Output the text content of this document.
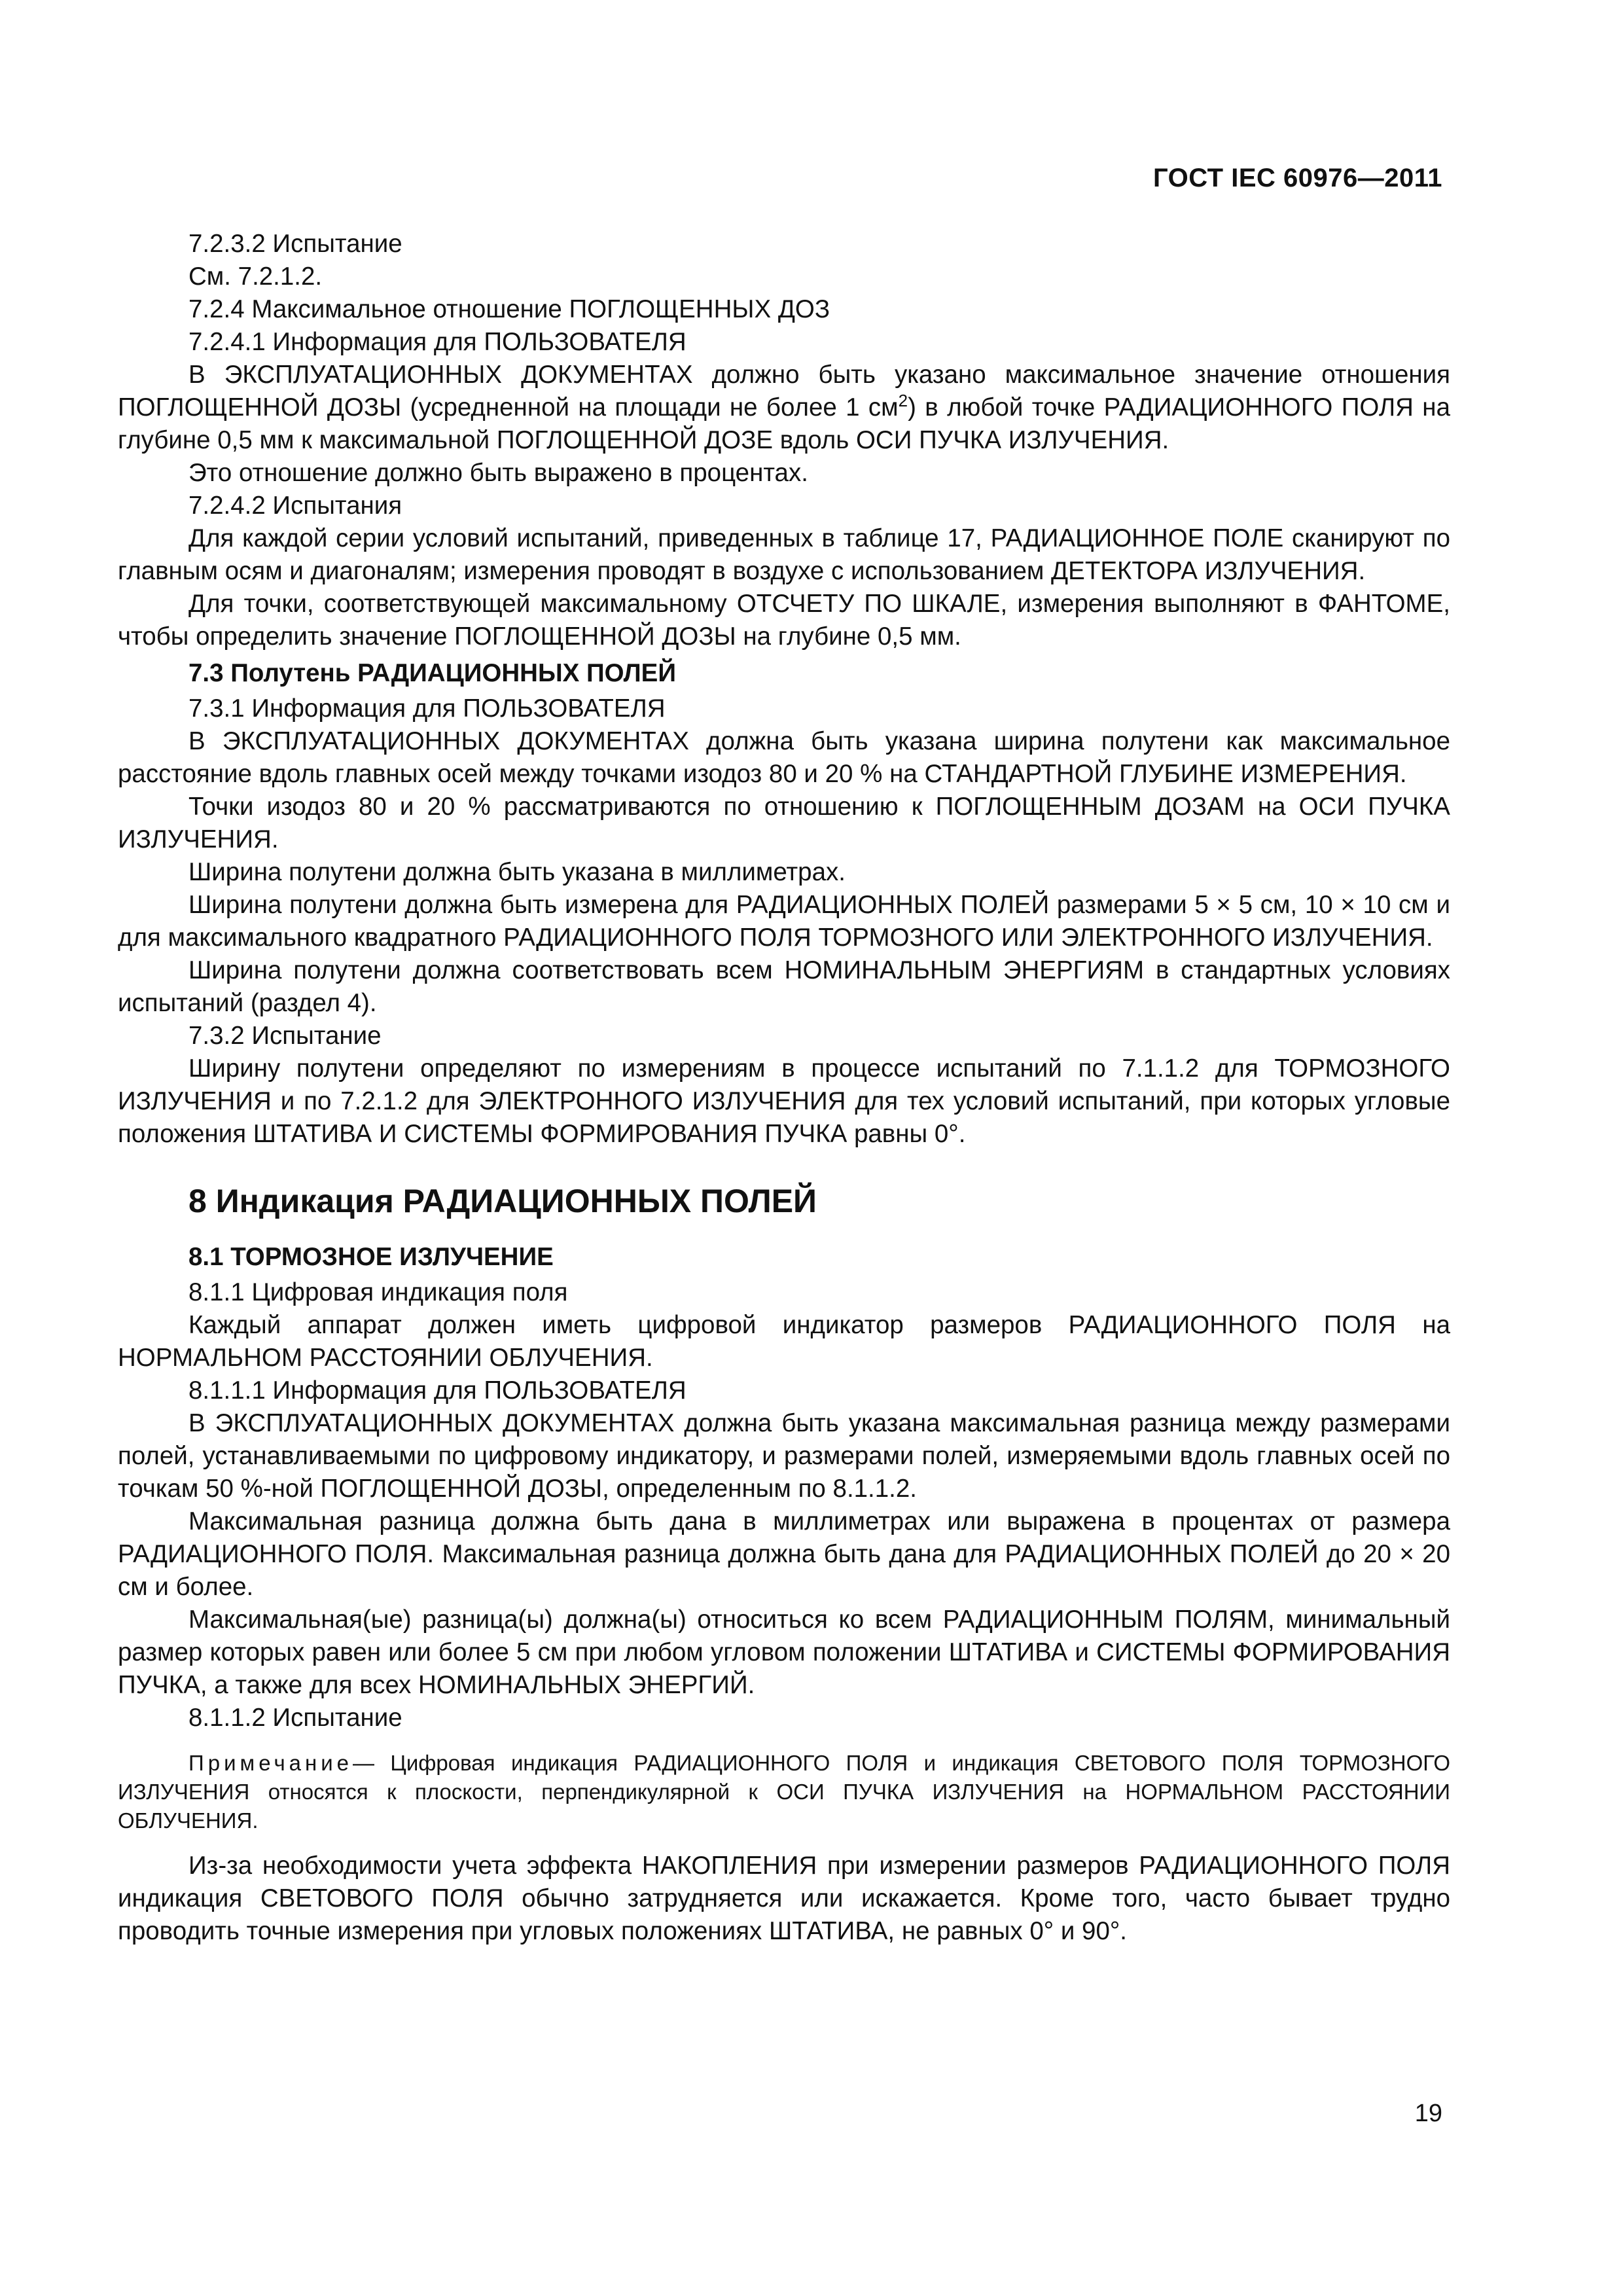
ГОСТ IEC 60976—2011

7.2.3.2 Испытание

См. 7.2.1.2.

7.2.4 Максимальное отношение ПОГЛОЩЕННЫХ ДОЗ

7.2.4.1 Информация для ПОЛЬЗОВАТЕЛЯ

В ЭКСПЛУАТАЦИОННЫХ ДОКУМЕНТАХ должно быть указано максимальное значение отношения ПОГЛОЩЕННОЙ ДОЗЫ (усредненной на площади не более 1 $см^2$) в любой точке РАДИАЦИОННОГО ПОЛЯ на глубине 0,5 мм к максимальной ПОГЛОЩЕННОЙ ДОЗЕ вдоль ОСИ ПУЧКА ИЗЛУЧЕНИЯ.

Это отношение должно быть выражено в процентах.

7.2.4.2 Испытания

Для каждой серии условий испытаний, приведенных в таблице 17, РАДИАЦИОННОЕ ПОЛЕ сканируют по главным осям и диагоналям; измерения проводят в воздухе с использованием ДЕТЕКТОРА ИЗЛУЧЕНИЯ.

Для точки, соответствующей максимальному ОТСЧЕТУ ПО ШКАЛЕ, измерения выполняют в ФАНТОМЕ, чтобы определить значение ПОГЛОЩЕННОЙ ДОЗЫ на глубине 0,5 мм.

7.3 Полутень РАДИАЦИОННЫХ ПОЛЕЙ

7.3.1 Информация для ПОЛЬЗОВАТЕЛЯ

В ЭКСПЛУАТАЦИОННЫХ ДОКУМЕНТАХ должна быть указана ширина полутени как максимальное расстояние вдоль главных осей между точками изодоз 80 и 20 % на СТАНДАРТНОЙ ГЛУБИНЕ ИЗМЕРЕНИЯ.

Точки изодоз 80 и 20 % рассматриваются по отношению к ПОГЛОЩЕННЫМ ДОЗАМ на ОСИ ПУЧКА ИЗЛУЧЕНИЯ.

Ширина полутени должна быть указана в миллиметрах.

Ширина полутени должна быть измерена для РАДИАЦИОННЫХ ПОЛЕЙ размерами 5 × 5 см, 10 × 10 см и для максимального квадратного РАДИАЦИОННОГО ПОЛЯ ТОРМОЗНОГО ИЛИ ЭЛЕКТРОННОГО ИЗЛУЧЕНИЯ.

Ширина полутени должна соответствовать всем НОМИНАЛЬНЫМ ЭНЕРГИЯМ в стандартных условиях испытаний (раздел 4).

7.3.2 Испытание

Ширину полутени определяют по измерениям в процессе испытаний по 7.1.1.2 для ТОРМОЗНОГО ИЗЛУЧЕНИЯ и по 7.2.1.2 для ЭЛЕКТРОННОГО ИЗЛУЧЕНИЯ для тех условий испытаний, при которых угловые положения ШТАТИВА И СИСТЕМЫ ФОРМИРОВАНИЯ ПУЧКА равны 0°.

8 Индикация РАДИАЦИОННЫХ ПОЛЕЙ

8.1 ТОРМОЗНОЕ ИЗЛУЧЕНИЕ

8.1.1 Цифровая индикация поля

Каждый аппарат должен иметь цифровой индикатор размеров РАДИАЦИОННОГО ПОЛЯ на НОРМАЛЬНОМ РАССТОЯНИИ ОБЛУЧЕНИЯ.

8.1.1.1 Информация для ПОЛЬЗОВАТЕЛЯ

В ЭКСПЛУАТАЦИОННЫХ ДОКУМЕНТАХ должна быть указана максимальная разница между размерами полей, устанавливаемыми по цифровому индикатору, и размерами полей, измеряемыми вдоль главных осей по точкам 50 %-ной ПОГЛОЩЕННОЙ ДОЗЫ, определенным по 8.1.1.2.

Максимальная разница должна быть дана в миллиметрах или выражена в процентах от размера РАДИАЦИОННОГО ПОЛЯ. Максимальная разница должна быть дана для РАДИАЦИОННЫХ ПОЛЕЙ до 20 × 20 см и более.

Максимальная(ые) разница(ы) должна(ы) относиться ко всем РАДИАЦИОННЫМ ПОЛЯМ, минимальный размер которых равен или более 5 см при любом угловом положении ШТАТИВА и СИСТЕМЫ ФОРМИРОВАНИЯ ПУЧКА, а также для всех НОМИНАЛЬНЫХ ЭНЕРГИЙ.

8.1.1.2 Испытание

Примечание— Цифровая индикация РАДИАЦИОННОГО ПОЛЯ и индикация СВЕТОВОГО ПОЛЯ ТОРМОЗНОГО ИЗЛУЧЕНИЯ относятся к плоскости, перпендикулярной к ОСИ ПУЧКА ИЗЛУЧЕНИЯ на НОРМАЛЬНОМ РАССТОЯНИИ ОБЛУЧЕНИЯ.

Из-за необходимости учета эффекта НАКОПЛЕНИЯ при измерении размеров РАДИАЦИОННОГО ПОЛЯ индикация СВЕТОВОГО ПОЛЯ обычно затрудняется или искажается. Кроме того, часто бывает трудно проводить точные измерения при угловых положениях ШТАТИВА, не равных 0° и 90°.

19
